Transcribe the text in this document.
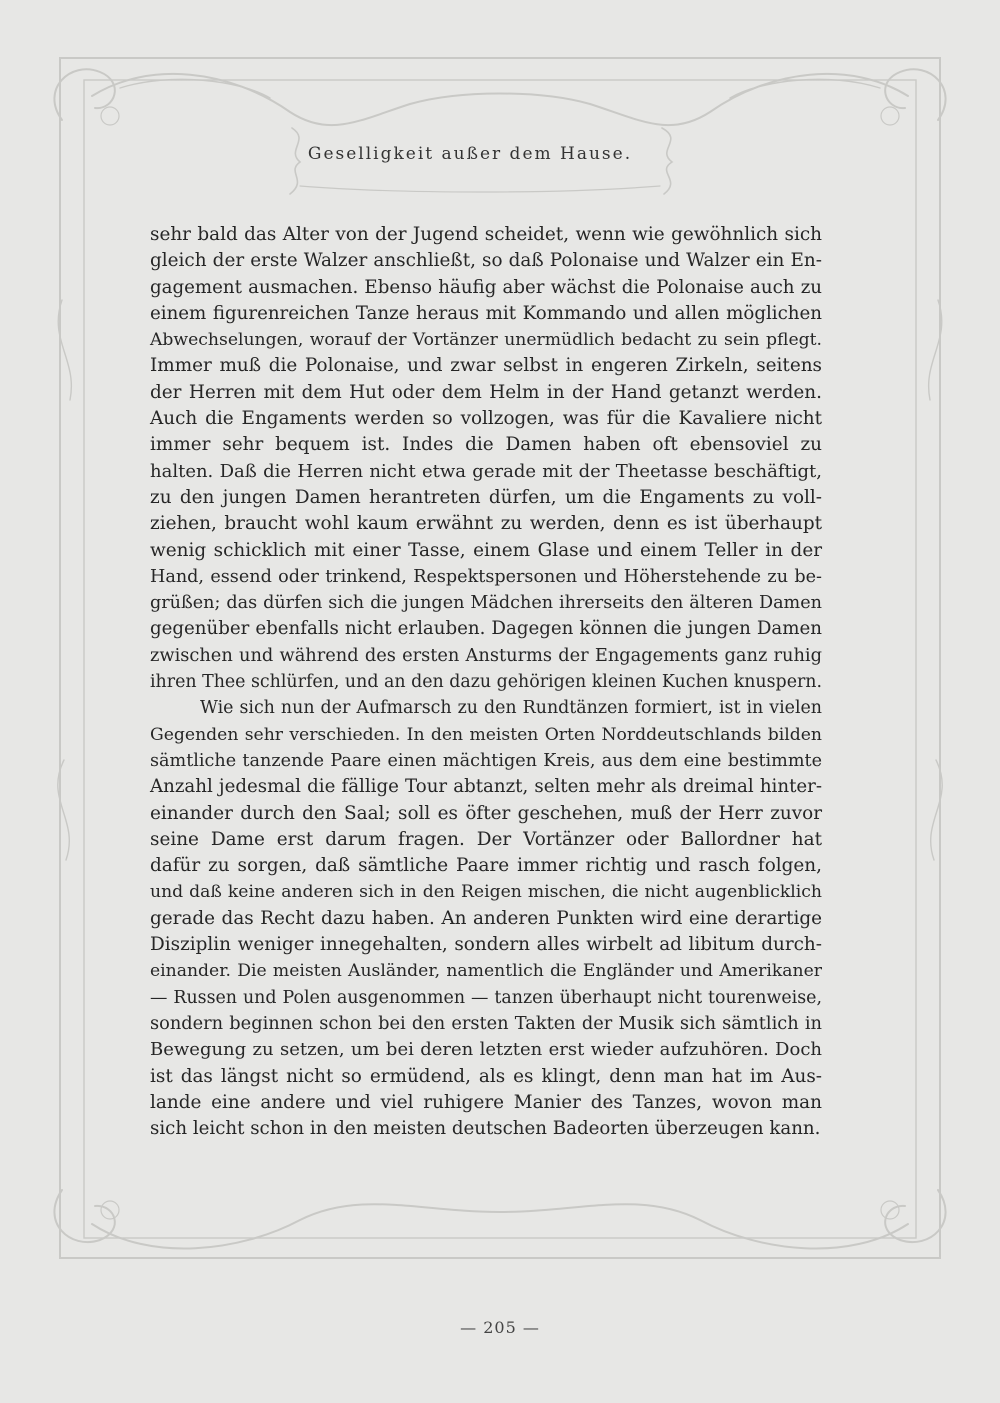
Geselligkeit außer dem Hause.
sehr bald das Alter von der Jugend scheidet, wenn wie gewöhnlich sich
gleich der erste Walzer anschließt, so daß Polonaise und Walzer ein En-
gagement ausmachen. Ebenso häufig aber wächst die Polonaise auch zu
einem figurenreichen Tanze heraus mit Kommando und allen möglichen
Abwechselungen, worauf der Vortänzer unermüdlich bedacht zu sein pflegt.
Immer muß die Polonaise, und zwar selbst in engeren Zirkeln, seitens
der Herren mit dem Hut oder dem Helm in der Hand getanzt werden.
Auch die Engaments werden so vollzogen, was für die Kavaliere nicht
immer sehr bequem ist. Indes die Damen haben oft ebensoviel zu
halten. Daß die Herren nicht etwa gerade mit der Theetasse beschäftigt,
zu den jungen Damen herantreten dürfen, um die Engaments zu voll-
ziehen, braucht wohl kaum erwähnt zu werden, denn es ist überhaupt
wenig schicklich mit einer Tasse, einem Glase und einem Teller in der
Hand, essend oder trinkend, Respektspersonen und Höherstehende zu be-
grüßen; das dürfen sich die jungen Mädchen ihrerseits den älteren Damen
gegenüber ebenfalls nicht erlauben. Dagegen können die jungen Damen
zwischen und während des ersten Ansturms der Engagements ganz ruhig
ihren Thee schlürfen, und an den dazu gehörigen kleinen Kuchen knuspern.
Wie sich nun der Aufmarsch zu den Rundtänzen formiert, ist in vielen
Gegenden sehr verschieden. In den meisten Orten Norddeutschlands bilden
sämtliche tanzende Paare einen mächtigen Kreis, aus dem eine bestimmte
Anzahl jedesmal die fällige Tour abtanzt, selten mehr als dreimal hinter-
einander durch den Saal; soll es öfter geschehen, muß der Herr zuvor
seine Dame erst darum fragen. Der Vortänzer oder Ballordner hat
dafür zu sorgen, daß sämtliche Paare immer richtig und rasch folgen,
und daß keine anderen sich in den Reigen mischen, die nicht augenblicklich
gerade das Recht dazu haben. An anderen Punkten wird eine derartige
Disziplin weniger innegehalten, sondern alles wirbelt ad libitum durch-
einander. Die meisten Ausländer, namentlich die Engländer und Amerikaner
— Russen und Polen ausgenommen — tanzen überhaupt nicht tourenweise,
sondern beginnen schon bei den ersten Takten der Musik sich sämtlich in
Bewegung zu setzen, um bei deren letzten erst wieder aufzuhören. Doch
ist das längst nicht so ermüdend, als es klingt, denn man hat im Aus-
lande eine andere und viel ruhigere Manier des Tanzes, wovon man
sich leicht schon in den meisten deutschen Badeorten überzeugen kann.
— 205 —
